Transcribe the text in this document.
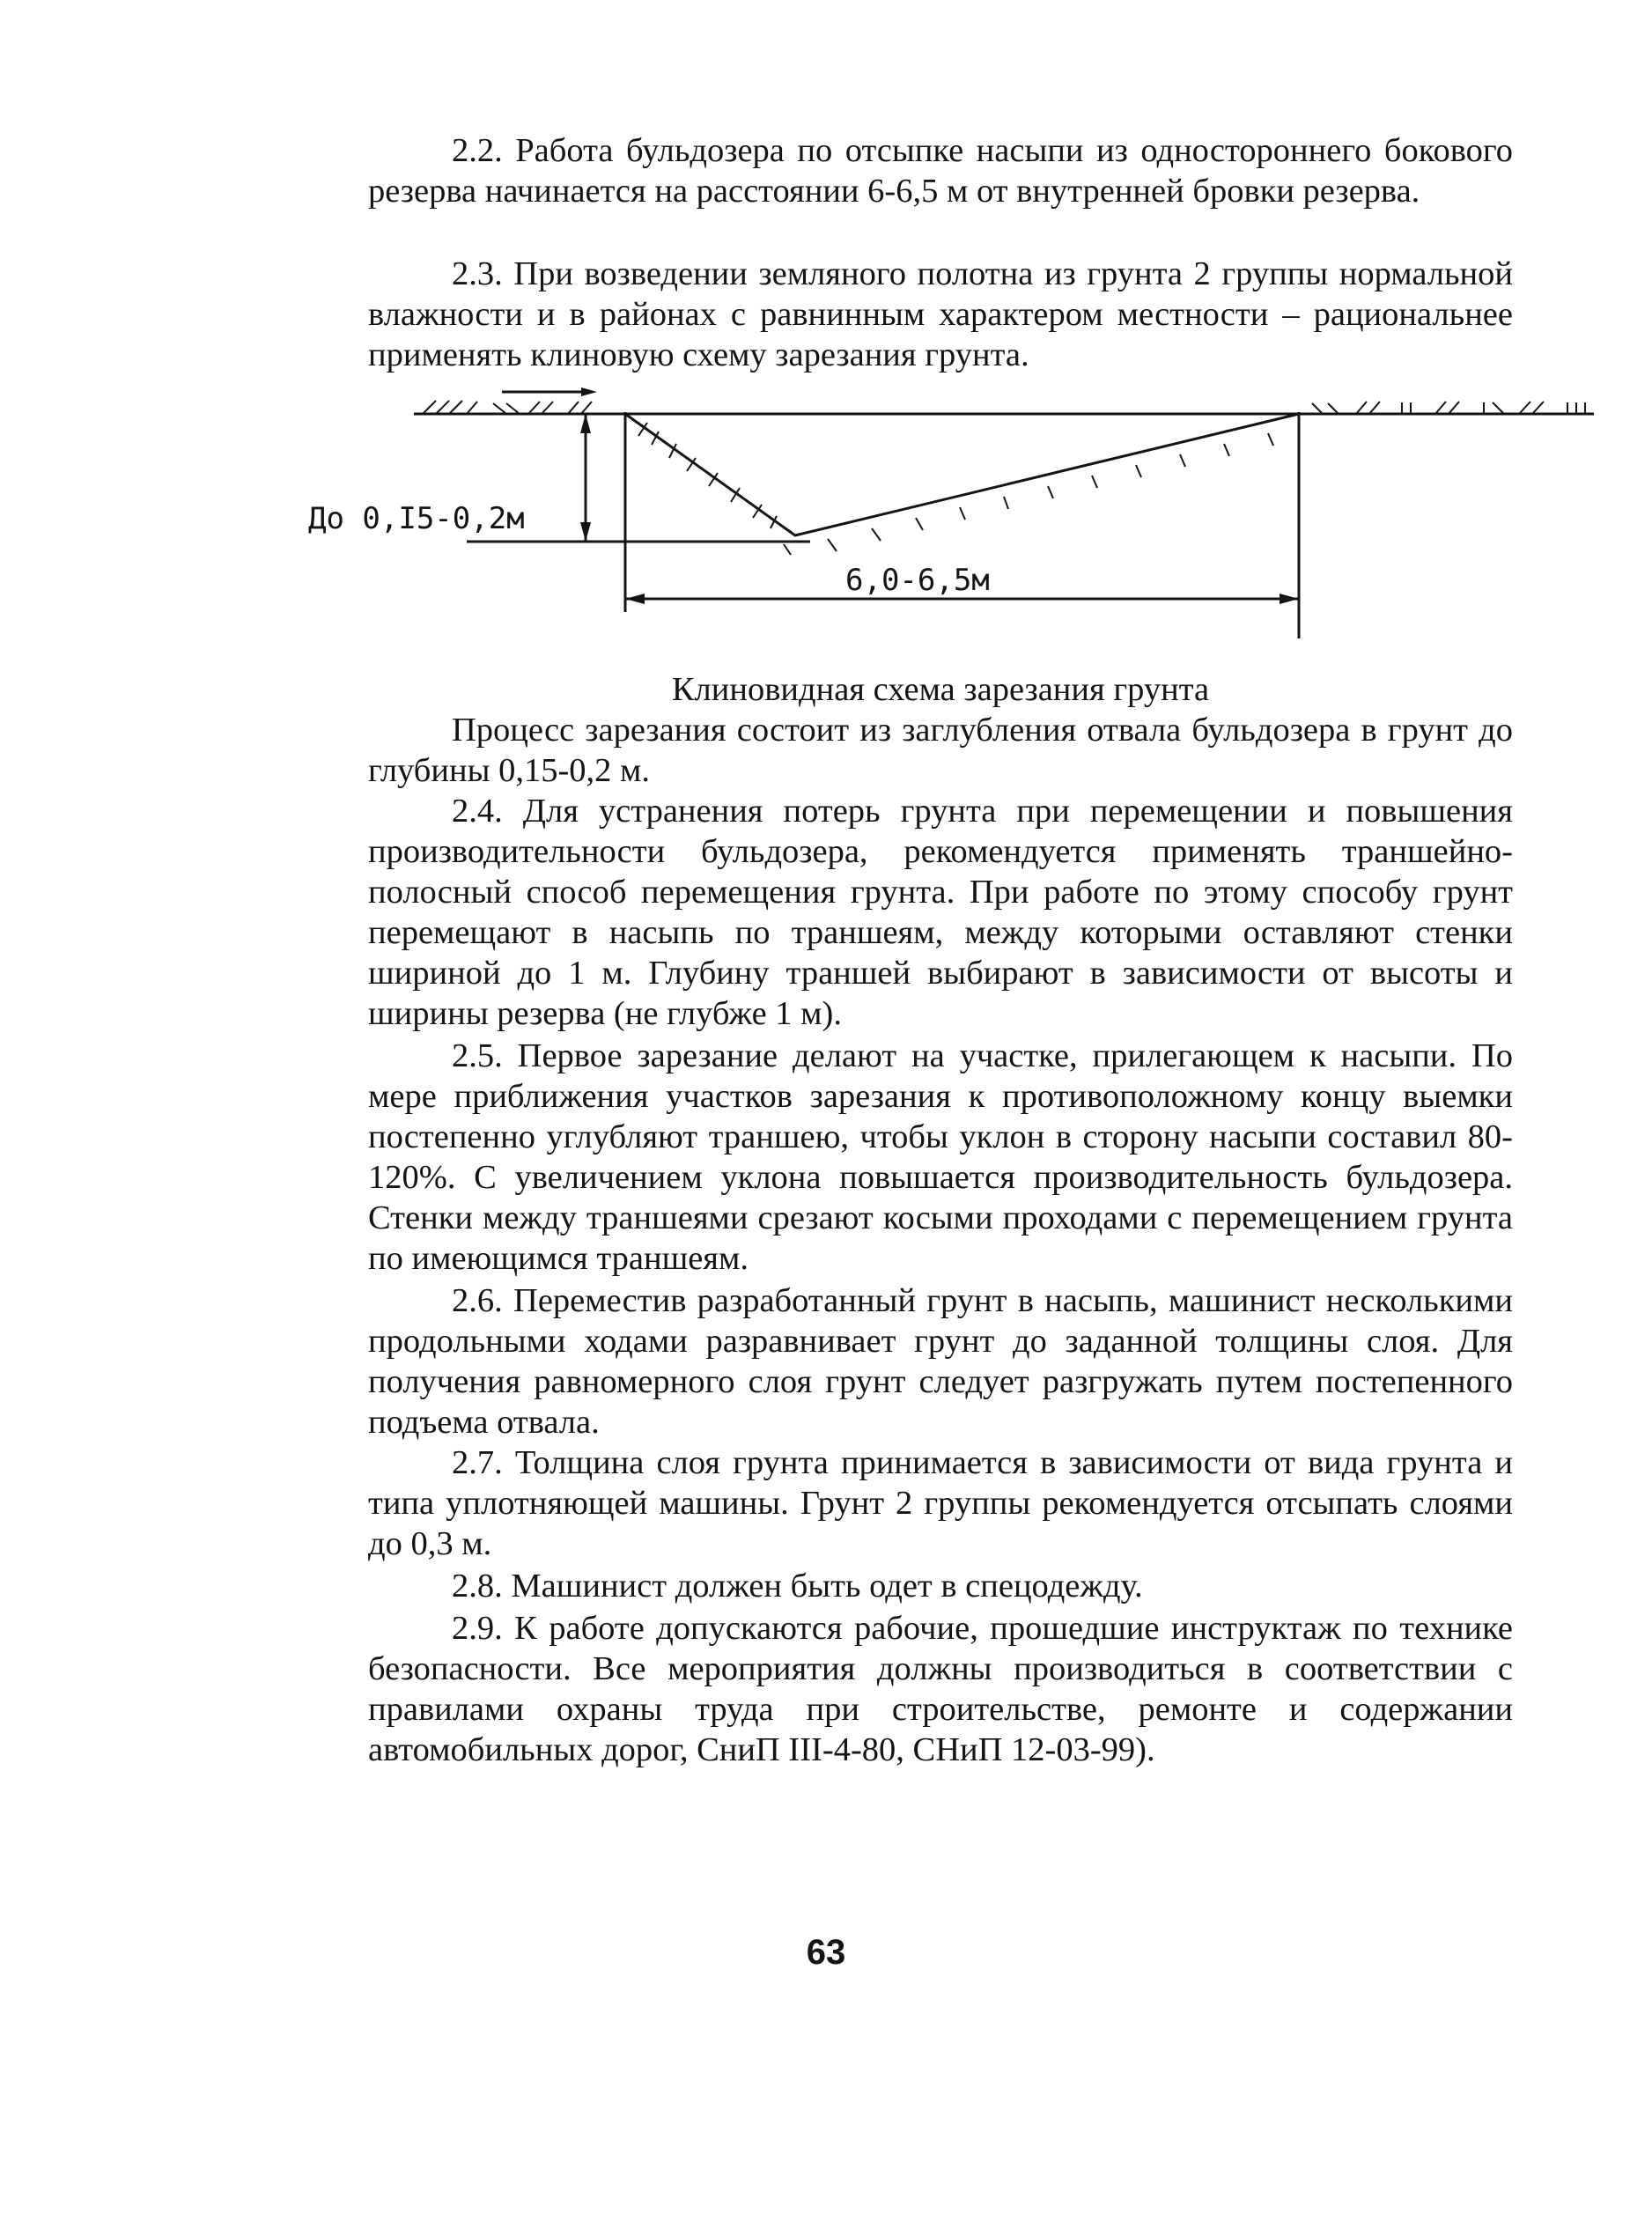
2.2. Работа бульдозера по отсыпке насыпи из одностороннего бокового резерва начинается на расстоянии 6-6,5 м от внутренней бровки резерва.

2.3. При возведении земляного полотна из грунта 2 группы нормальной влажности и в районах с равнинным характером местности – рациональнее применять клиновую схему зарезания грунта.

До 0,I5-0,2м
6,0-6,5м

Клиновидная схема зарезания грунта

Процесс зарезания состоит из заглубления отвала бульдозера в грунт до глубины 0,15-0,2 м.

2.4. Для устранения потерь грунта при перемещении и повышения производительности бульдозера, рекомендуется применять траншейно-полосный способ перемещения грунта. При работе по этому способу грунт перемещают в насыпь по траншеям, между которыми оставляют стенки шириной до 1 м. Глубину траншей выбирают в зависимости от высоты и ширины резерва (не глубже 1 м).

2.5. Первое зарезание делают на участке, прилегающем к насыпи. По мере приближения участков зарезания к противоположному концу выемки постепенно углубляют траншею, чтобы уклон в сторону насыпи составил 80-120%. С увеличением уклона повышается производительность бульдозера. Стенки между траншеями срезают косыми проходами с перемещением грунта по имеющимся траншеям.

2.6. Переместив разработанный грунт в насыпь, машинист несколькими продольными ходами разравнивает грунт до заданной толщины слоя. Для получения равномерного слоя грунт следует разгружать путем постепенного подъема отвала.

2.7. Толщина слоя грунта принимается в зависимости от вида грунта и типа уплотняющей машины. Грунт 2 группы рекомендуется отсыпать слоями до 0,3 м.

2.8. Машинист должен быть одет в спецодежду.

2.9. К работе допускаются рабочие, прошедшие инструктаж по технике безопасности. Все мероприятия должны производиться в соответствии с правилами охраны труда при строительстве, ремонте и содержании автомобильных дорог, СниП III-4-80, СНиП 12-03-99).

63
